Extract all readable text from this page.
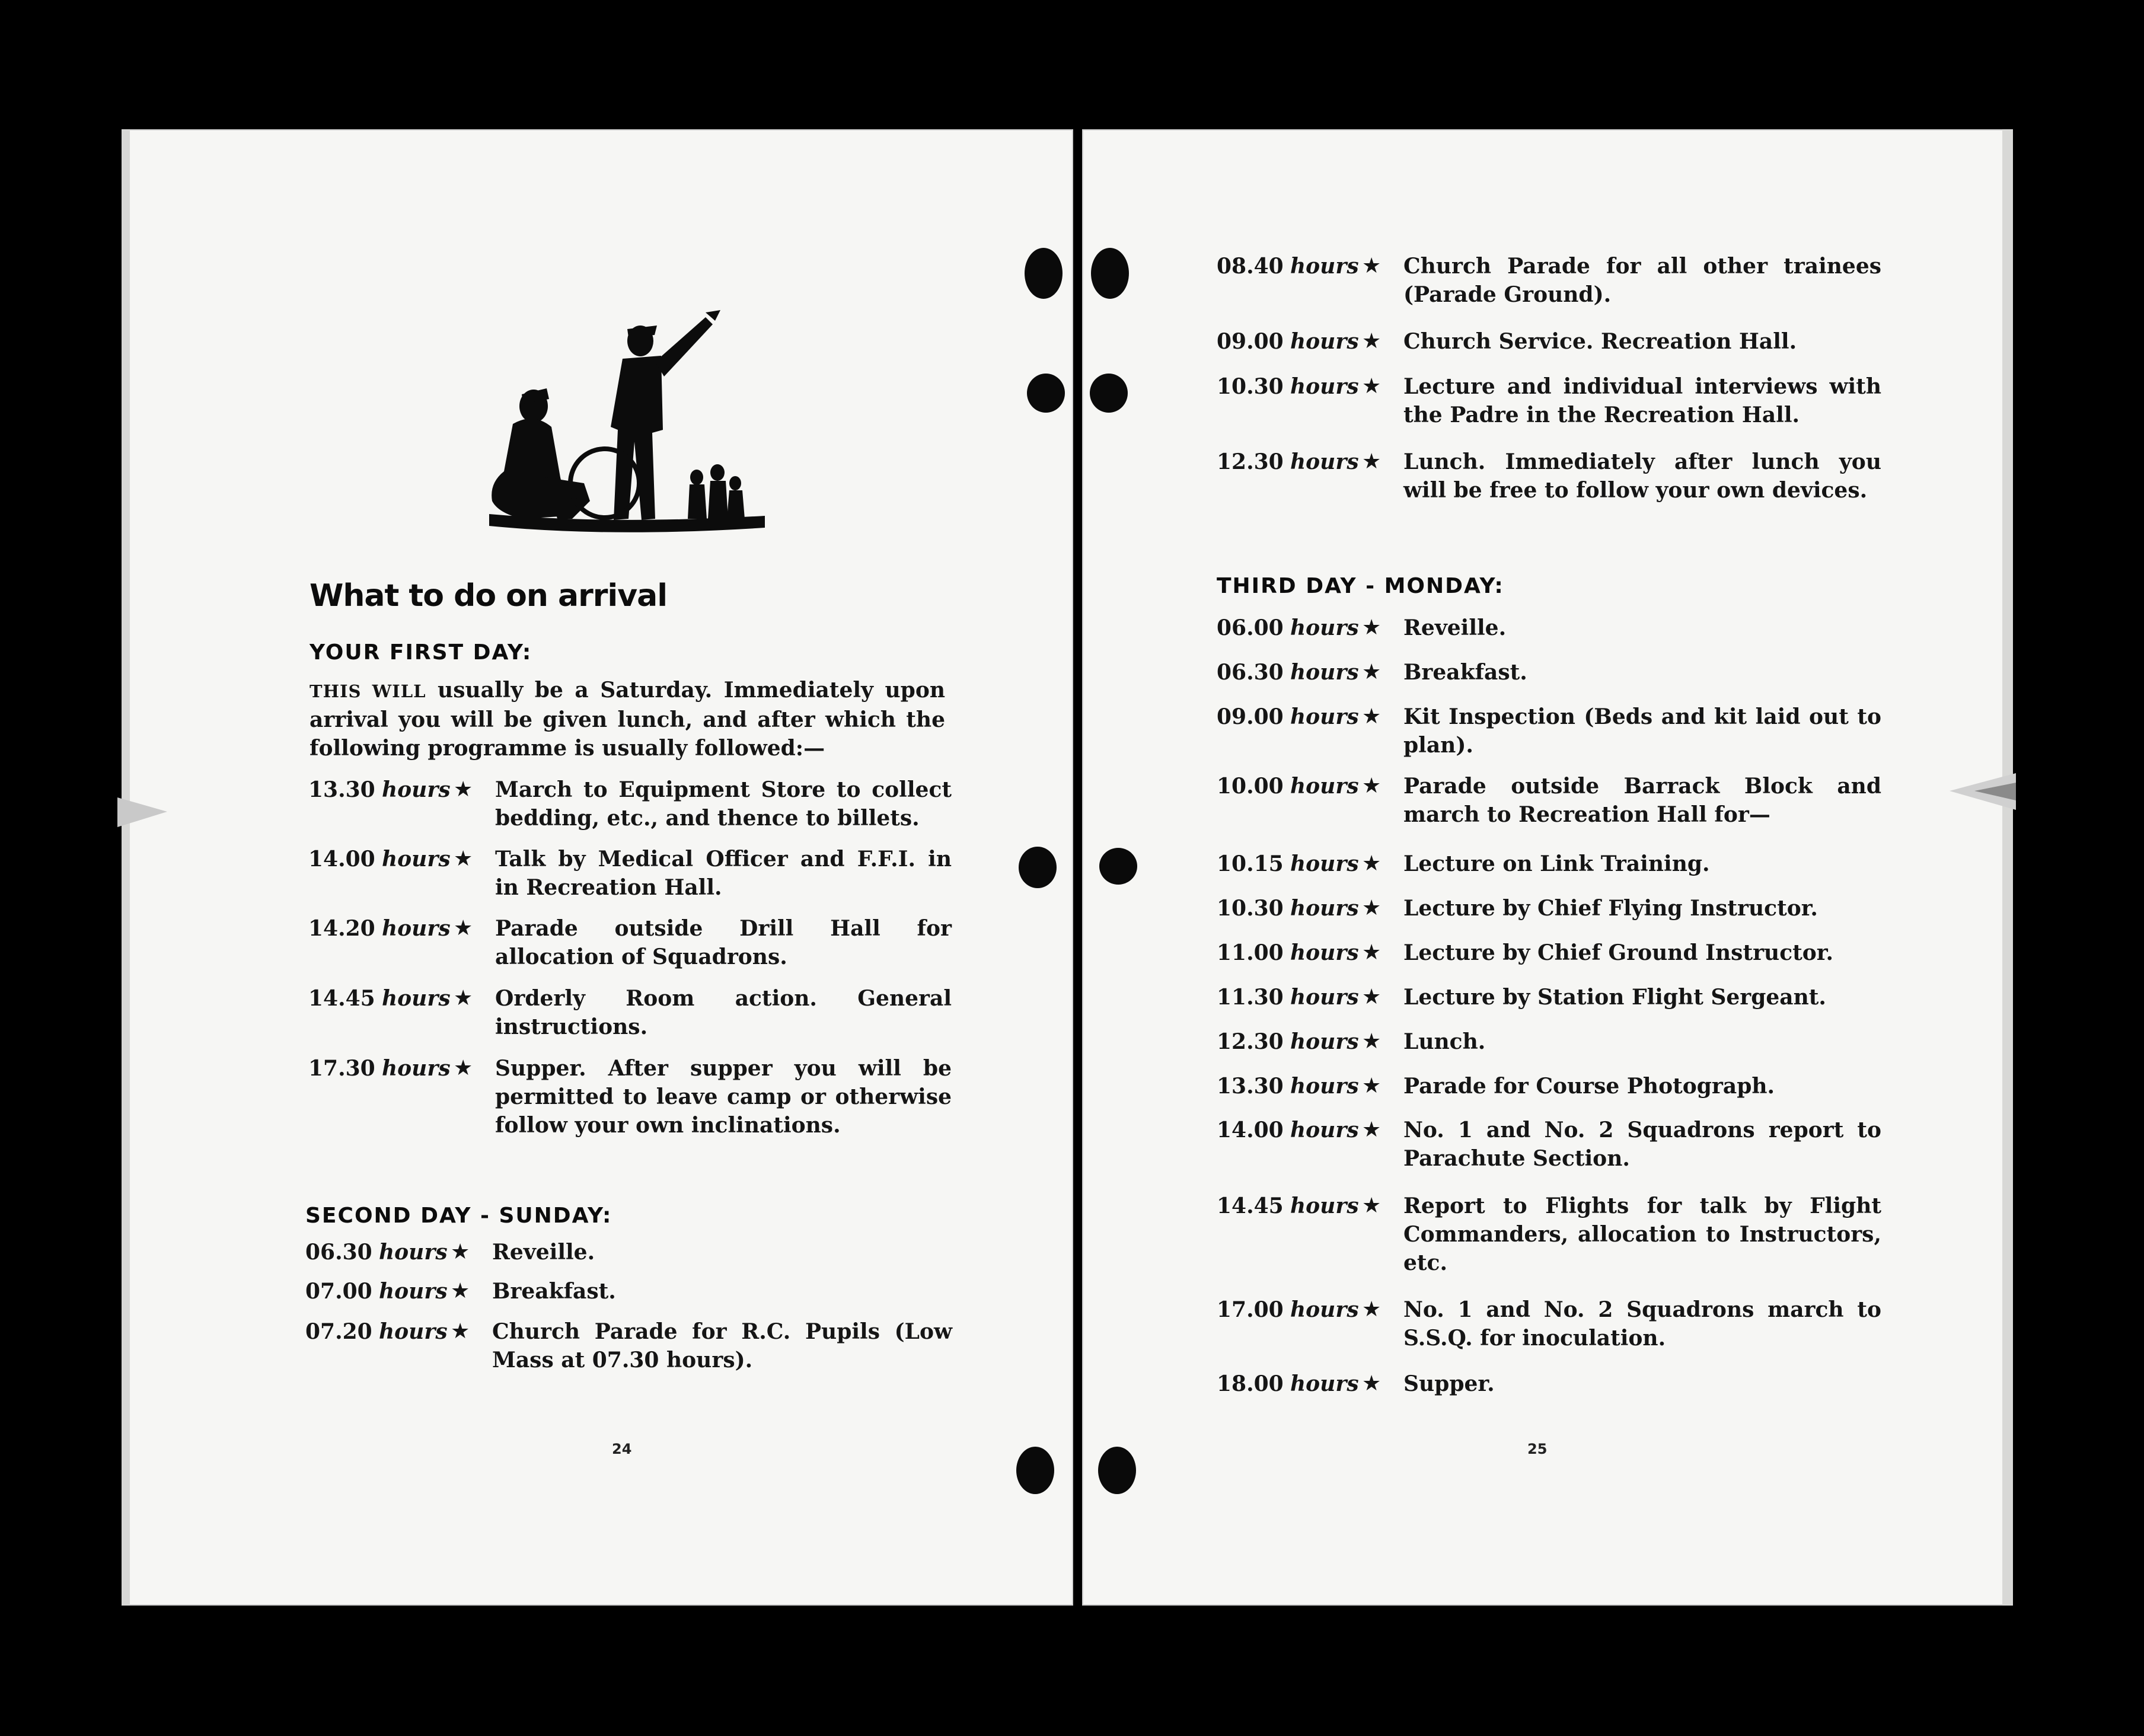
What to do on arrival
YOUR FIRST DAY:
THIS WILL usually be a Saturday. Immediately upon arrival you will be given lunch, and after which the following programme is usually followed:—
13.30 hours ★ March to Equipment Store to collect bedding, etc., and thence to billets.
14.00 hours ★ Talk by Medical Officer and F.F.I. in in Recreation Hall.
14.20 hours ★ Parade outside Drill Hall for allocation of Squadrons.
14.45 hours ★ Orderly Room action. General instructions.
17.30 hours ★ Supper. After supper you will be permitted to leave camp or otherwise follow your own inclinations.
SECOND DAY - SUNDAY:
06.30 hours ★ Reveille.
07.00 hours ★ Breakfast.
07.20 hours ★ Church Parade for R.C. Pupils (Low Mass at 07.30 hours).
24
08.40 hours ★ Church Parade for all other trainees (Parade Ground).
09.00 hours ★ Church Service. Recreation Hall.
10.30 hours ★ Lecture and individual interviews with the Padre in the Recreation Hall.
12.30 hours ★ Lunch. Immediately after lunch you will be free to follow your own devices.
THIRD DAY - MONDAY:
06.00 hours ★ Reveille.
06.30 hours ★ Breakfast.
09.00 hours ★ Kit Inspection (Beds and kit laid out to plan).
10.00 hours ★ Parade outside Barrack Block and march to Recreation Hall for—
10.15 hours ★ Lecture on Link Training.
10.30 hours ★ Lecture by Chief Flying Instructor.
11.00 hours ★ Lecture by Chief Ground Instructor.
11.30 hours ★ Lecture by Station Flight Sergeant.
12.30 hours ★ Lunch.
13.30 hours ★ Parade for Course Photograph.
14.00 hours ★ No. 1 and No. 2 Squadrons report to Parachute Section.
14.45 hours ★ Report to Flights for talk by Flight Commanders, allocation to Instructors, etc.
17.00 hours ★ No. 1 and No. 2 Squadrons march to S.S.Q. for inoculation.
18.00 hours ★ Supper.
25
